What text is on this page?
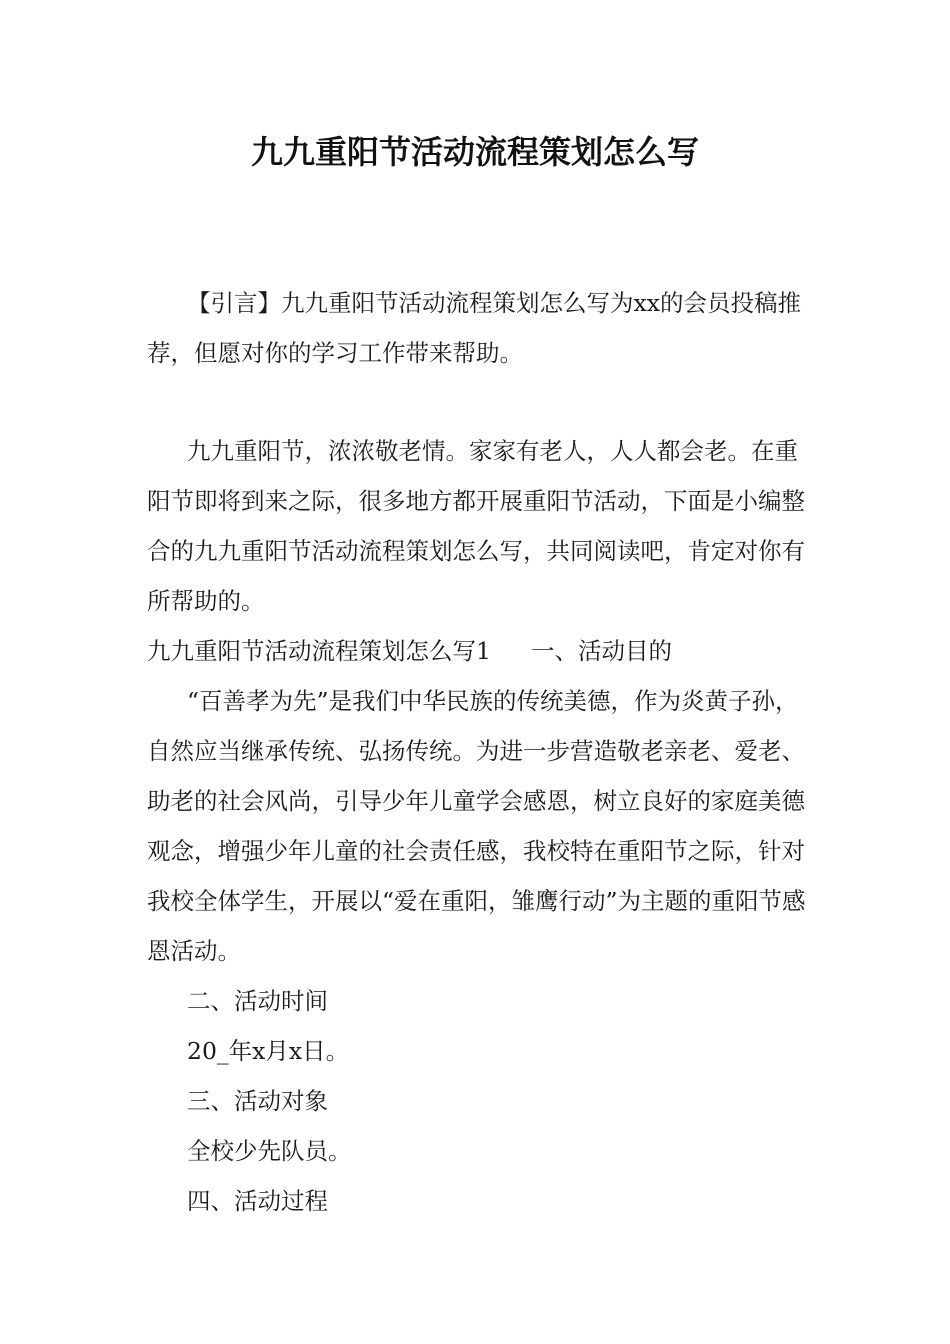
九九重阳节活动流程策划怎么写

【引言】九九重阳节活动流程策划怎么写为xx的会员投稿推荐，但愿对你的学习工作带来帮助。

九九重阳节，浓浓敬老情。家家有老人，人人都会老。在重阳节即将到来之际，很多地方都开展重阳节活动，下面是小编整合的九九重阳节活动流程策划怎么写，共同阅读吧，肯定对你有所帮助的。

九九重阳节活动流程策划怎么写1 一、活动目的

“百善孝为先”是我们中华民族的传统美德，作为炎黄子孙，自然应当继承传统、弘扬传统。为进一步营造敬老亲老、爱老、助老的社会风尚，引导少年儿童学会感恩，树立良好的家庭美德观念，增强少年儿童的社会责任感，我校特在重阳节之际，针对我校全体学生，开展以“爱在重阳，雏鹰行动”为主题的重阳节感恩活动。

二、活动时间

20_年x月x日。

三、活动对象

全校少先队员。

四、活动过程
